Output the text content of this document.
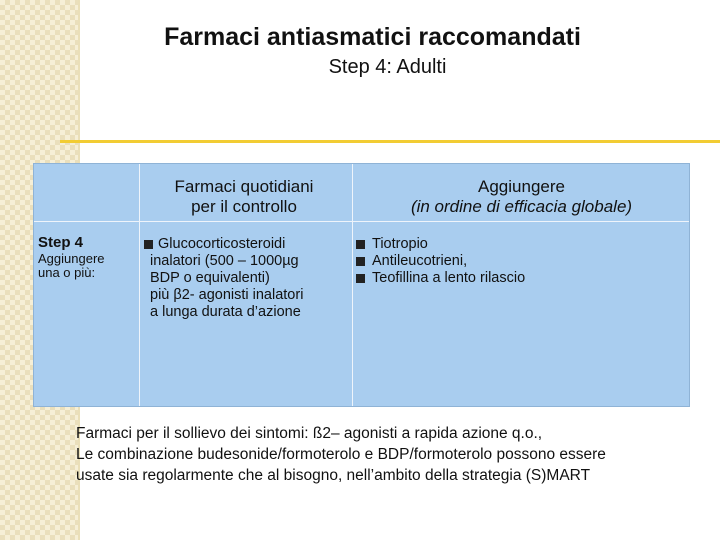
Farmaci antiasmatici raccomandati
Step 4: Adulti
Farmaci quotidiani
per il controllo
Aggiungere
(in ordine di efficacia globale)
Step 4
Aggiungere
una o più:
Glucocorticosteroidi
inalatori (500 – 1000µg
BDP o equivalenti)
più β2- agonisti inalatori
a lunga durata d’azione
Tiotropio
Antileucotrieni,
Teofillina a lento rilascio
Farmaci per il sollievo dei sintomi: ß2– agonisti a rapida azione q.o.,
Le combinazione budesonide/formoterolo e BDP/formoterolo possono essere
usate sia regolarmente che al bisogno, nell’ambito della strategia (S)MART
